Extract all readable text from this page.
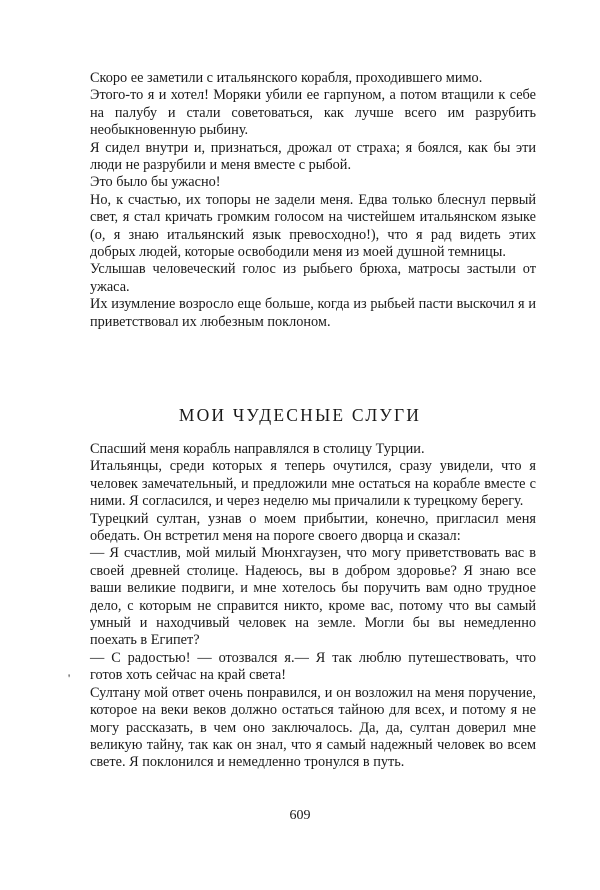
Скоро ее заметили с итальянского корабля, проходившего мимо.

Этого-то я и хотел! Моряки убили ее гарпуном, а потом втащили к себе на палубу и стали советоваться, как лучше всего им разрубить необыкновенную рыбину.

Я сидел внутри и, признаться, дрожал от страха; я боялся, как бы эти люди не разрубили и меня вместе с рыбой.

Это было бы ужасно!

Но, к счастью, их топоры не задели меня. Едва только блеснул первый свет, я стал кричать громким голосом на чистейшем итальянском языке (о, я знаю итальянский язык превосходно!), что я рад видеть этих добрых людей, которые освободили меня из моей душной темницы.

Услышав человеческий голос из рыбьего брюха, матросы застыли от ужаса.

Их изумление возросло еще больше, когда из рыбьей пасти выскочил я и приветствовал их любезным поклоном.

МОИ ЧУДЕСНЫЕ СЛУГИ

Спасший меня корабль направлялся в столицу Турции.

Итальянцы, среди которых я теперь очутился, сразу увидели, что я человек замечательный, и предложили мне остаться на корабле вместе с ними. Я согласился, и через неделю мы причалили к турецкому берегу.

Турецкий султан, узнав о моем прибытии, конечно, пригласил меня обедать. Он встретил меня на пороге своего дворца и сказал:

— Я счастлив, мой милый Мюнхгаузен, что могу приветствовать вас в своей древней столице. Надеюсь, вы в добром здоровье? Я знаю все ваши великие подвиги, и мне хотелось бы поручить вам одно трудное дело, с которым не справится никто, кроме вас, потому что вы самый умный и находчивый человек на земле. Могли бы вы немедленно поехать в Египет?

— С радостью! — отозвался я.— Я так люблю путешествовать, что готов хоть сейчас на край света!

Султану мой ответ очень понравился, и он возложил на меня поручение, которое на веки веков должно остаться тайною для всех, и потому я не могу рассказать, в чем оно заключалось. Да, да, султан доверил мне великую тайну, так как он знал, что я самый надежный человек во всем свете. Я поклонился и немедленно тронулся в путь.

'
609
